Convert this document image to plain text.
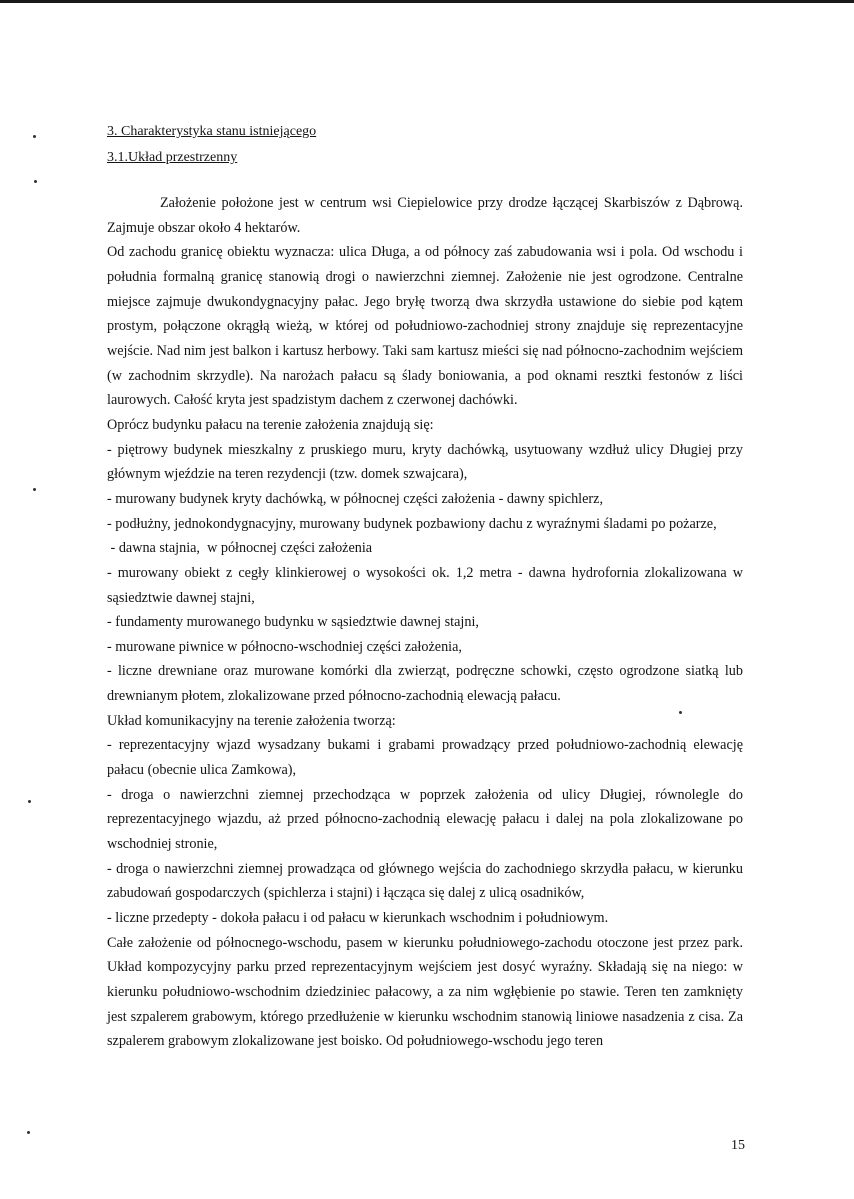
3. Charakterystyka stanu istniejącego
3.1.Układ przestrzenny

Założenie położone jest w centrum wsi Ciepielowice przy drodze łączącej Skarbiszów z Dąbrową. Zajmuje obszar około 4 hektarów.

Od zachodu granicę obiektu wyznacza: ulica Długa, a od północy zaś zabudowania wsi i pola. Od wschodu i południa formalną granicę stanowią drogi o nawierzchni ziemnej. Założenie nie jest ogrodzone. Centralne miejsce zajmuje dwukondygnacyjny pałac. Jego bryłę tworzą dwa skrzydła ustawione do siebie pod kątem prostym, połączone okrągłą wieżą, w której od południowo-zachodniej strony znajduje się reprezentacyjne wejście. Nad nim jest balkon i kartusz herbowy. Taki sam kartusz mieści się nad północno-zachodnim wejściem (w zachodnim skrzydle). Na narożach pałacu są ślady boniowania, a pod oknami resztki festonów z liści laurowych. Całość kryta jest spadzistym dachem z czerwonej dachówki.

Oprócz budynku pałacu na terenie założenia znajdują się:

- piętrowy budynek mieszkalny z pruskiego muru, kryty dachówką, usytuowany wzdłuż ulicy Długiej przy głównym wjeździe na teren rezydencji (tzw. domek szwajcara),

- murowany budynek kryty dachówką, w północnej części założenia - dawny spichlerz,

- podłużny, jednokondygnacyjny, murowany budynek pozbawiony dachu z wyraźnymi śladami po pożarze,

- dawna stajnia,  w północnej części założenia

- murowany obiekt z cegły klinkierowej o wysokości ok. 1,2 metra - dawna hydrofornia zlokalizowana w sąsiedztwie dawnej stajni,

- fundamenty murowanego budynku w sąsiedztwie dawnej stajni,

- murowane piwnice w północno-wschodniej części założenia,

- liczne drewniane oraz murowane komórki dla zwierząt, podręczne schowki, często ogrodzone siatką lub drewnianym płotem, zlokalizowane przed północno-zachodnią elewacją pałacu.

Układ komunikacyjny na terenie założenia tworzą:

- reprezentacyjny wjazd wysadzany bukami i grabami prowadzący przed południowo-zachodnią elewację pałacu (obecnie ulica Zamkowa),

- droga o nawierzchni ziemnej przechodząca w poprzek założenia od ulicy Długiej, równolegle do reprezentacyjnego wjazdu, aż przed północno-zachodnią elewację pałacu i dalej na pola zlokalizowane po wschodniej stronie,

- droga o nawierzchni ziemnej prowadząca od głównego wejścia do zachodniego skrzydła pałacu, w kierunku zabudowań gospodarczych (spichlerza i stajni) i łącząca się dalej z ulicą osadników,

- liczne przedepty - dokoła pałacu i od pałacu w kierunkach wschodnim i południowym.

Całe założenie od północnego-wschodu, pasem w kierunku południowego-zachodu otoczone jest przez park. Układ kompozycyjny parku przed reprezentacyjnym wejściem jest dosyć wyraźny. Składają się na niego: w kierunku południowo-wschodnim dziedziniec pałacowy, a za nim wgłębienie po stawie. Teren ten zamknięty jest szpalerem grabowym, którego przedłużenie w kierunku wschodnim stanowią liniowe nasadzenia z cisa. Za szpalerem grabowym zlokalizowane jest boisko. Od południowego-wschodu jego teren

15
